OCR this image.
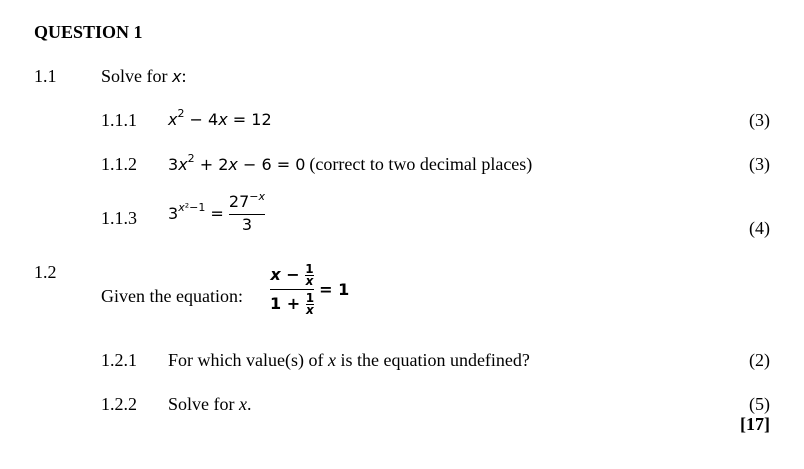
QUESTION 1
1.1 Solve for x:
1.1.1 $x^2 - 4x = 12$	(3)
1.1.2 $3x^2 + 2x - 6 = 0$ (correct to two decimal places)	(3)
1.1.3 $3^{x^2-1} = \frac{27^{-x}}{3}$	(4)
1.2
Given the equation: $\frac{x - \frac{1}{x}}{1 + \frac{1}{x}} = 1$
1.2.1 For which value(s) of x is the equation undefined?	(2)
1.2.2 Solve for x.	(5)
[17]
